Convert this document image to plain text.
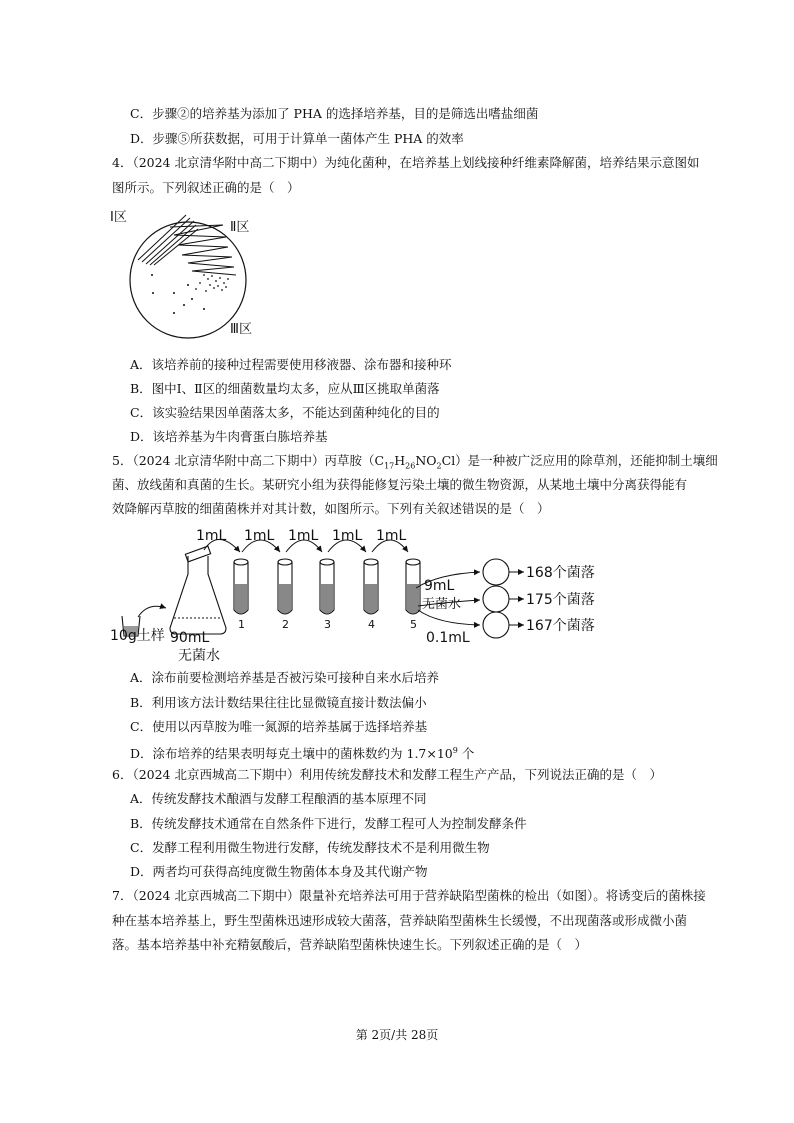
C．步骤②的培养基为添加了 PHA 的选择培养基，目的是筛选出嗜盐细菌
D．步骤⑤所获数据，可用于计算单一菌体产生 PHA 的效率
4．（2024 北京清华附中高二下期中）为纯化菌种，在培养基上划线接种纤维素降解菌，培养结果示意图如
图所示。下列叙述正确的是（　）
Ⅰ区
Ⅱ区
Ⅲ区
A．该培养前的接种过程需要使用移液器、涂布器和接种环
B．图中Ⅰ、Ⅱ区的细菌数量均太多，应从Ⅲ区挑取单菌落
C．该实验结果因单菌落太多，不能达到菌种纯化的目的
D．该培养基为牛肉膏蛋白胨培养基
5．（2024 北京清华附中高二下期中）丙草胺$(C_{17}H_{26}NO_2Cl)$是一种被广泛应用的除草剂，还能抑制土壤细
菌、放线菌和真菌的生长。某研究小组为获得能修复污染土壤的微生物资源，从某地土壤中分离获得能有
效降解丙草胺的细菌菌株并对其计数，如图所示。下列有关叙述错误的是（　）
1mL 1mL 1mL 1mL 1mL
10g土样 90mL
无菌水
1	2	3	4	5
9mL
无菌水
0.1mL
168个菌落
175个菌落
167个菌落
A．涂布前要检测培养基是否被污染可接种自来水后培养
B．利用该方法计数结果往往比显微镜直接计数法偏小
C．使用以丙草胺为唯一氮源的培养基属于选择培养基
D．涂布培养的结果表明每克土壤中的菌株数约为 $1.7\times 10^9$ 个
6．（2024 北京西城高二下期中）利用传统发酵技术和发酵工程生产产品，下列说法正确的是（　）
A．传统发酵技术酿酒与发酵工程酿酒的基本原理不同
B．传统发酵技术通常在自然条件下进行，发酵工程可人为控制发酵条件
C．发酵工程利用微生物进行发酵，传统发酵技术不是利用微生物
D．两者均可获得高纯度微生物菌体本身及其代谢产物
7．（2024 北京西城高二下期中）限量补充培养法可用于营养缺陷型菌株的检出（如图）。将诱变后的菌株接
种在基本培养基上，野生型菌株迅速形成较大菌落，营养缺陷型菌株生长缓慢，不出现菌落或形成微小菌
落。基本培养基中补充精氨酸后，营养缺陷型菌株快速生长。下列叙述正确的是（　）
第 2页/共 28页
